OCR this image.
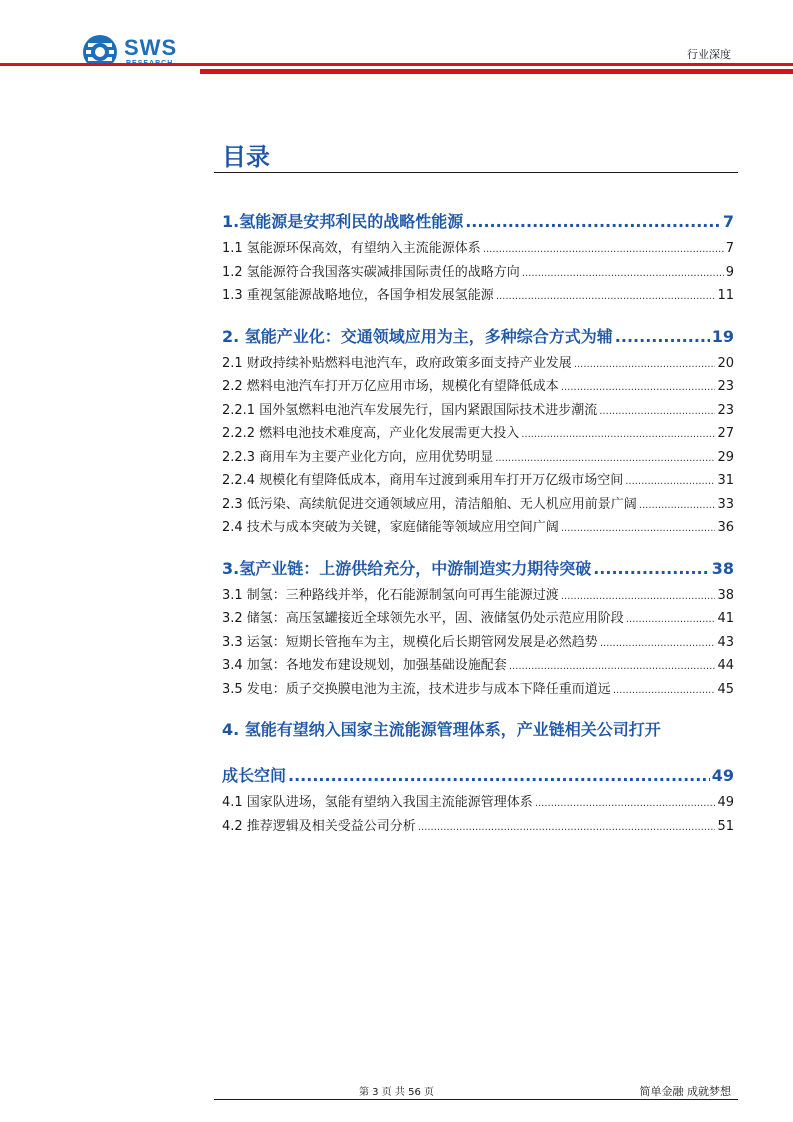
SWS	行业深度
目录
1.氢能源是安邦利民的战略性能源 .....	7
1.1 氢能源环保高效，有望纳入主流能源体系 .....	7
1.2 氢能源符合我国落实碳减排国际责任的战略方向 .....	9
1.3 重视氢能源战略地位，各国争相发展氢能源 .....	11
2. 氢能产业化：交通领域应用为主，多种综合方式为辅 .....	19
2.1 财政持续补贴燃料电池汽车，政府政策多面支持产业发展 .....	20
2.2 燃料电池汽车打开万亿应用市场，规模化有望降低成本 .....	23
2.2.1 国外氢燃料电池汽车发展先行，国内紧跟国际技术进步潮流 .....	23
2.2.2 燃料电池技术难度高，产业化发展需更大投入 .....	27
2.2.3 商用车为主要产业化方向，应用优势明显 .....	29
2.2.4 规模化有望降低成本，商用车过渡到乘用车打开万亿级市场空间 .....	31
2.3 低污染、高续航促进交通领域应用，清洁船舶、无人机应用前景广阔 .....	33
2.4 技术与成本突破为关键，家庭储能等领域应用空间广阔 .....	36
3.氢产业链：上游供给充分，中游制造实力期待突破 .....	38
3.1 制氢：三种路线并举，化石能源制氢向可再生能源过渡 .....	38
3.2 储氢：高压氢罐接近全球领先水平，固、液储氢仍处示范应用阶段 .....	41
3.3 运氢：短期长管拖车为主，规模化后长期管网发展是必然趋势 .....	43
3.4 加氢：各地发布建设规划，加强基础设施配套 .....	44
3.5 发电：质子交换膜电池为主流，技术进步与成本下降任重而道远 .....	45
4. 氢能有望纳入国家主流能源管理体系，产业链相关公司打开
成长空间 .....	49
4.1 国家队进场，氢能有望纳入我国主流能源管理体系 .....	49
4.2 推荐逻辑及相关受益公司分析 .....	51
第 3 页 共 56 页	简单金融 成就梦想
